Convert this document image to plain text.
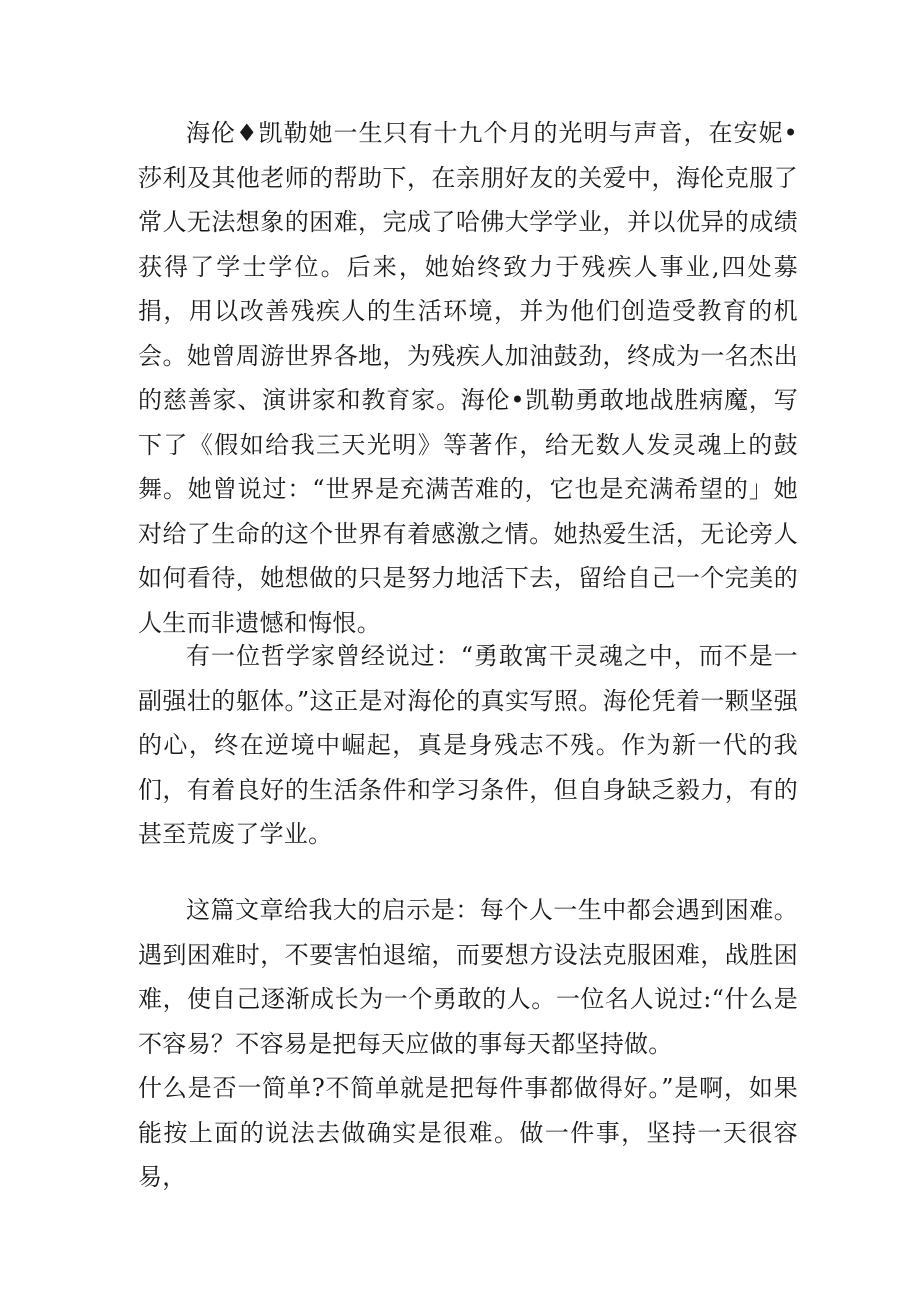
海伦♦凯勒她一生只有十九个月的光明与声音，在安妮•莎利及其他老师的帮助下，在亲朋好友的关爱中，海伦克服了常人无法想象的困难，完成了哈佛大学学业，并以优异的成绩获得了学士学位。后来，她始终致力于残疾人事业,四处募捐，用以改善残疾人的生活环境，并为他们创造受教育的机会。她曾周游世界各地，为残疾人加油鼓劲，终成为一名杰出的慈善家、演讲家和教育家。海伦•凯勒勇敢地战胜病魔，写下了《假如给我三天光明》等著作，给无数人发灵魂上的鼓舞。她曾说过：“世界是充满苦难的，它也是充满希望的」她对给了生命的这个世界有着感激之情。她热爱生活，无论旁人如何看待，她想做的只是努力地活下去，留给自己一个完美的人生而非遗憾和悔恨。

有一位哲学家曾经说过：“勇敢寓干灵魂之中，而不是一副强壮的躯体。”这正是对海伦的真实写照。海伦凭着一颗坚强的心，终在逆境中崛起，真是身残志不残。作为新一代的我们，有着良好的生活条件和学习条件，但自身缺乏毅力，有的甚至荒废了学业。

这篇文章给我大的启示是：每个人一生中都会遇到困难。遇到困难时，不要害怕退缩，而要想方设法克服困难，战胜困难，使自己逐渐成长为一个勇敢的人。一位名人说过:“什么是不容易？不容易是把每天应做的事每天都坚持做。

什么是否一简单?不简单就是把每件事都做得好。”是啊，如果能按上面的说法去做确实是很难。做一件事，坚持一天很容易，
